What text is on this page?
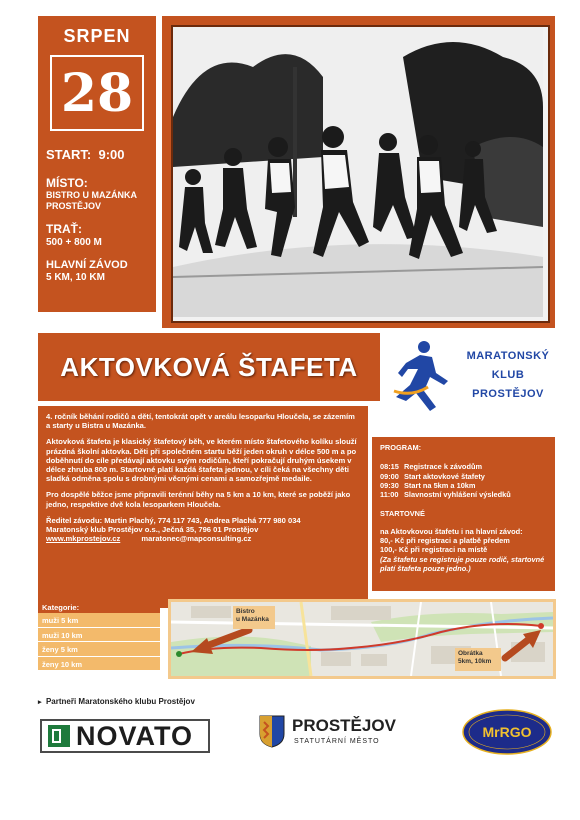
SRPEN
28
START: 9:00
MÍSTO:
BISTRO U MAZÁNKA
PROSTĚJOV
TRAŤ:
500 + 800 M
HLAVNÍ ZÁVOD
5 KM, 10 KM
AKTOVKOVÁ ŠTAFETA	MARATONSKÝ
KLUB
PROSTĚJOV

4. ročník běhání rodičů a dětí, tentokrát opět v areálu lesoparku Hloučela, se zázemím a starty u Bistra u Mazánka.

Aktovková štafeta je klasický štafetový běh, ve kterém místo štafetového kolíku slouží prázdná školní aktovka. Děti při společném startu běží jeden okruh v délce 500 m a po doběhnutí do cíle předávají aktovku svým rodičům, kteří pokračují druhým úsekem v délce zhruba 800 m. Startovné platí každá štafeta jednou, v cíli čeká na všechny děti sladká odměna spolu s drobnými věcnými cenami a samozřejmě medaile.

Pro dospělé běžce jsme připravili terénní běhy na 5 km a 10 km, které se poběží jako jedno, respektive dvě kola lesoparkem Hloučela.

Ředitel závodu: Martin Plachý, 774 117 743, Andrea Plachá 777 980 034
Maratonský klub Prostějov o.s., Ječná 35, 796 01 Prostějov
www.mkprostejov.cz	maratonec@mapconsulting.cz
PROGRAM:
08:15 Registrace k závodům
09:00 Start aktovkové štafety
09:30 Start na 5km a 10km
11:00 Slavnostní vyhlášení výsledků
STARTOVNÉ
na Aktovkovou štafetu i na hlavní závod:
80,- Kč při registraci a platbě předem
100,- Kč při registraci na místě
(Za štafetu se registruje pouze rodič, startovné platí štafeta pouze jedno.)
Kategorie:
muži 5 km
muži 10 km
ženy 5 km
ženy 10 km
Bistro
u Mazánka
Obrátka
5km, 10km
▸ Partneři Maratonského klubu Prostějov
NOVATO	PROSTĚJOV
STATUTÁRNÍ MĚSTO
MrRGO
